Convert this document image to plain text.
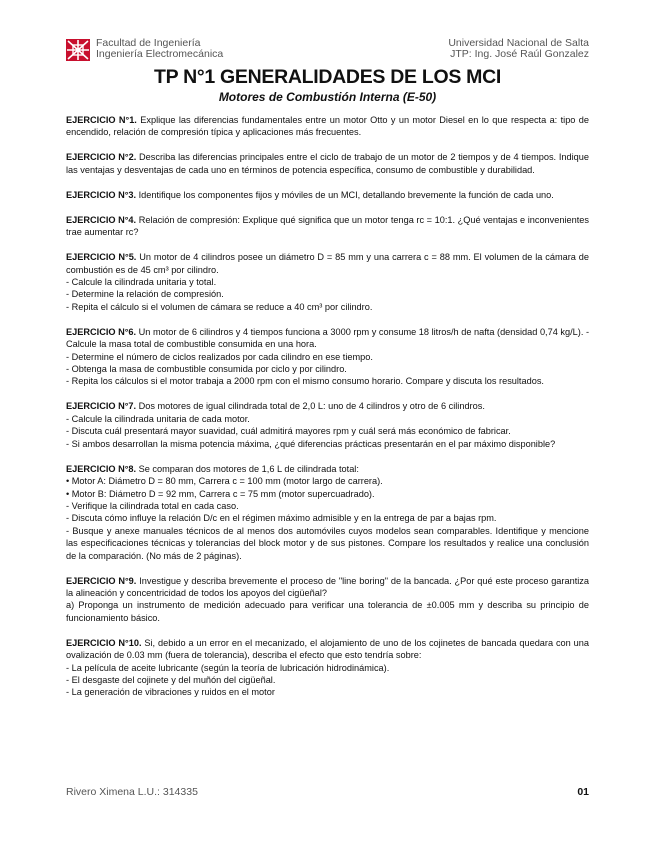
Facultad de Ingeniería
Ingeniería Electromecánica
Universidad Nacional de Salta
JTP: Ing. José Raúl Gonzalez
TP N°1 GENERALIDADES DE LOS MCI
Motores de Combustión Interna (E-50)

EJERCICIO N°1. Explique las diferencias fundamentales entre un motor Otto y un motor Diesel en lo que respecta a: tipo de encendido, relación de compresión típica y aplicaciones más frecuentes.

EJERCICIO N°2. Describa las diferencias principales entre el ciclo de trabajo de un motor de 2 tiempos y de 4 tiempos. Indique las ventajas y desventajas de cada uno en términos de potencia específica, consumo de combustible y durabilidad.

EJERCICIO N°3. Identifique los componentes fijos y móviles de un MCI, detallando brevemente la función de cada uno.

EJERCICIO N°4. Relación de compresión: Explique qué significa que un motor tenga rc = 10:1. ¿Qué ventajas e inconvenientes trae aumentar rc?

EJERCICIO N°5. Un motor de 4 cilindros posee un diámetro D = 85 mm y una carrera c = 88 mm. El volumen de la cámara de combustión es de 45 cm³ por cilindro.

- Calcule la cilindrada unitaria y total.

- Determine la relación de compresión.

- Repita el cálculo si el volumen de cámara se reduce a 40 cm³ por cilindro.

EJERCICIO N°6. Un motor de 6 cilindros y 4 tiempos funciona a 3000 rpm y consume 18 litros/h de nafta (densidad 0,74 kg/L). - Calcule la masa total de combustible consumida en una hora.

- Determine el número de ciclos realizados por cada cilindro en ese tiempo.

- Obtenga la masa de combustible consumida por ciclo y por cilindro.

- Repita los cálculos si el motor trabaja a 2000 rpm con el mismo consumo horario. Compare y discuta los resultados.

EJERCICIO N°7. Dos motores de igual cilindrada total de 2,0 L: uno de 4 cilindros y otro de 6 cilindros.

- Calcule la cilindrada unitaria de cada motor.

- Discuta cuál presentará mayor suavidad, cuál admitirá mayores rpm y cuál será más económico de fabricar.

- Si ambos desarrollan la misma potencia máxima, ¿qué diferencias prácticas presentarán en el par máximo disponible?

EJERCICIO N°8. Se comparan dos motores de 1,6 L de cilindrada total:

• Motor A: Diámetro D = 80 mm, Carrera c = 100 mm (motor largo de carrera).

• Motor B: Diámetro D = 92 mm, Carrera c = 75 mm (motor supercuadrado).

- Verifique la cilindrada total en cada caso.

- Discuta cómo influye la relación D/c en el régimen máximo admisible y en la entrega de par a bajas rpm.

- Busque y anexe manuales técnicos de al menos dos automóviles cuyos modelos sean comparables. Identifique y mencione las especificaciones técnicas y tolerancias del block motor y de sus pistones. Compare los resultados y realice una conclusión de la comparación. (No más de 2 páginas).

EJERCICIO N°9. Investigue y describa brevemente el proceso de "line boring" de la bancada. ¿Por qué este proceso garantiza la alineación y concentricidad de todos los apoyos del cigüeñal?

a) Proponga un instrumento de medición adecuado para verificar una tolerancia de ±0.005 mm y describa su principio de funcionamiento básico.

EJERCICIO N°10. Si, debido a un error en el mecanizado, el alojamiento de uno de los cojinetes de bancada quedara con una ovalización de 0.03 mm (fuera de tolerancia), describa el efecto que esto tendría sobre:

- La película de aceite lubricante (según la teoría de lubricación hidrodinámica).

- El desgaste del cojinete y del muñón del cigüeñal.

- La generación de vibraciones y ruidos en el motor

Rivero Ximena L.U.: 314335	01
